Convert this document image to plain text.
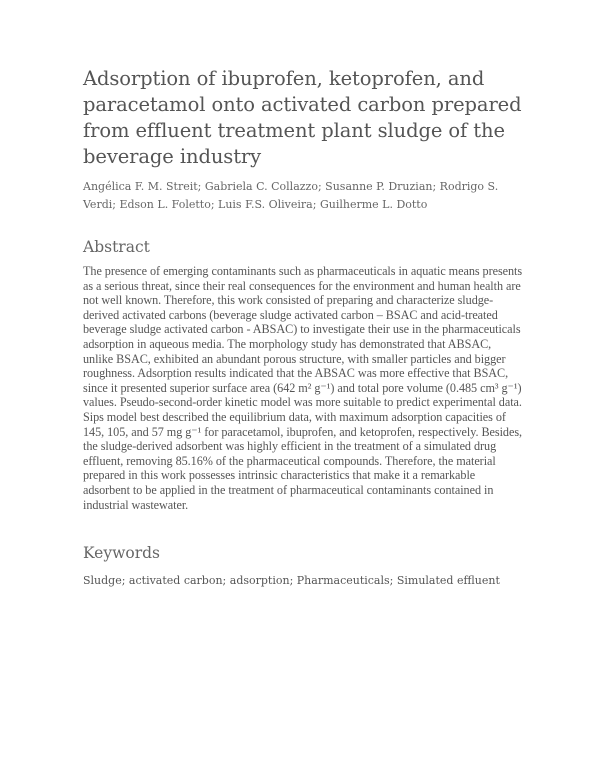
Adsorption of ibuprofen, ketoprofen, and paracetamol onto activated carbon prepared from effluent treatment plant sludge of the beverage industry

Angélica F. M. Streit; Gabriela C. Collazzo; Susanne P. Druzian; Rodrigo S. Verdi; Edson L. Foletto; Luis F.S. Oliveira; Guilherme L. Dotto

Abstract

The presence of emerging contaminants such as pharmaceuticals in aquatic means presents as a serious threat, since their real consequences for the environment and human health are not well known. Therefore, this work consisted of preparing and characterize sludge-derived activated carbons (beverage sludge activated carbon – BSAC and acid-treated beverage sludge activated carbon - ABSAC) to investigate their use in the pharmaceuticals adsorption in aqueous media. The morphology study has demonstrated that ABSAC, unlike BSAC, exhibited an abundant porous structure, with smaller particles and bigger roughness. Adsorption results indicated that the ABSAC was more effective that BSAC, since it presented superior surface area (642 m² g⁻¹) and total pore volume (0.485 cm³ g⁻¹) values. Pseudo-second-order kinetic model was more suitable to predict experimental data. Sips model best described the equilibrium data, with maximum adsorption capacities of 145, 105, and 57 mg g⁻¹ for paracetamol, ibuprofen, and ketoprofen, respectively. Besides, the sludge-derived adsorbent was highly efficient in the treatment of a simulated drug effluent, removing 85.16% of the pharmaceutical compounds. Therefore, the material prepared in this work possesses intrinsic characteristics that make it a remarkable adsorbent to be applied in the treatment of pharmaceutical contaminants contained in industrial wastewater.

Keywords

Sludge; activated carbon; adsorption; Pharmaceuticals; Simulated effluent
